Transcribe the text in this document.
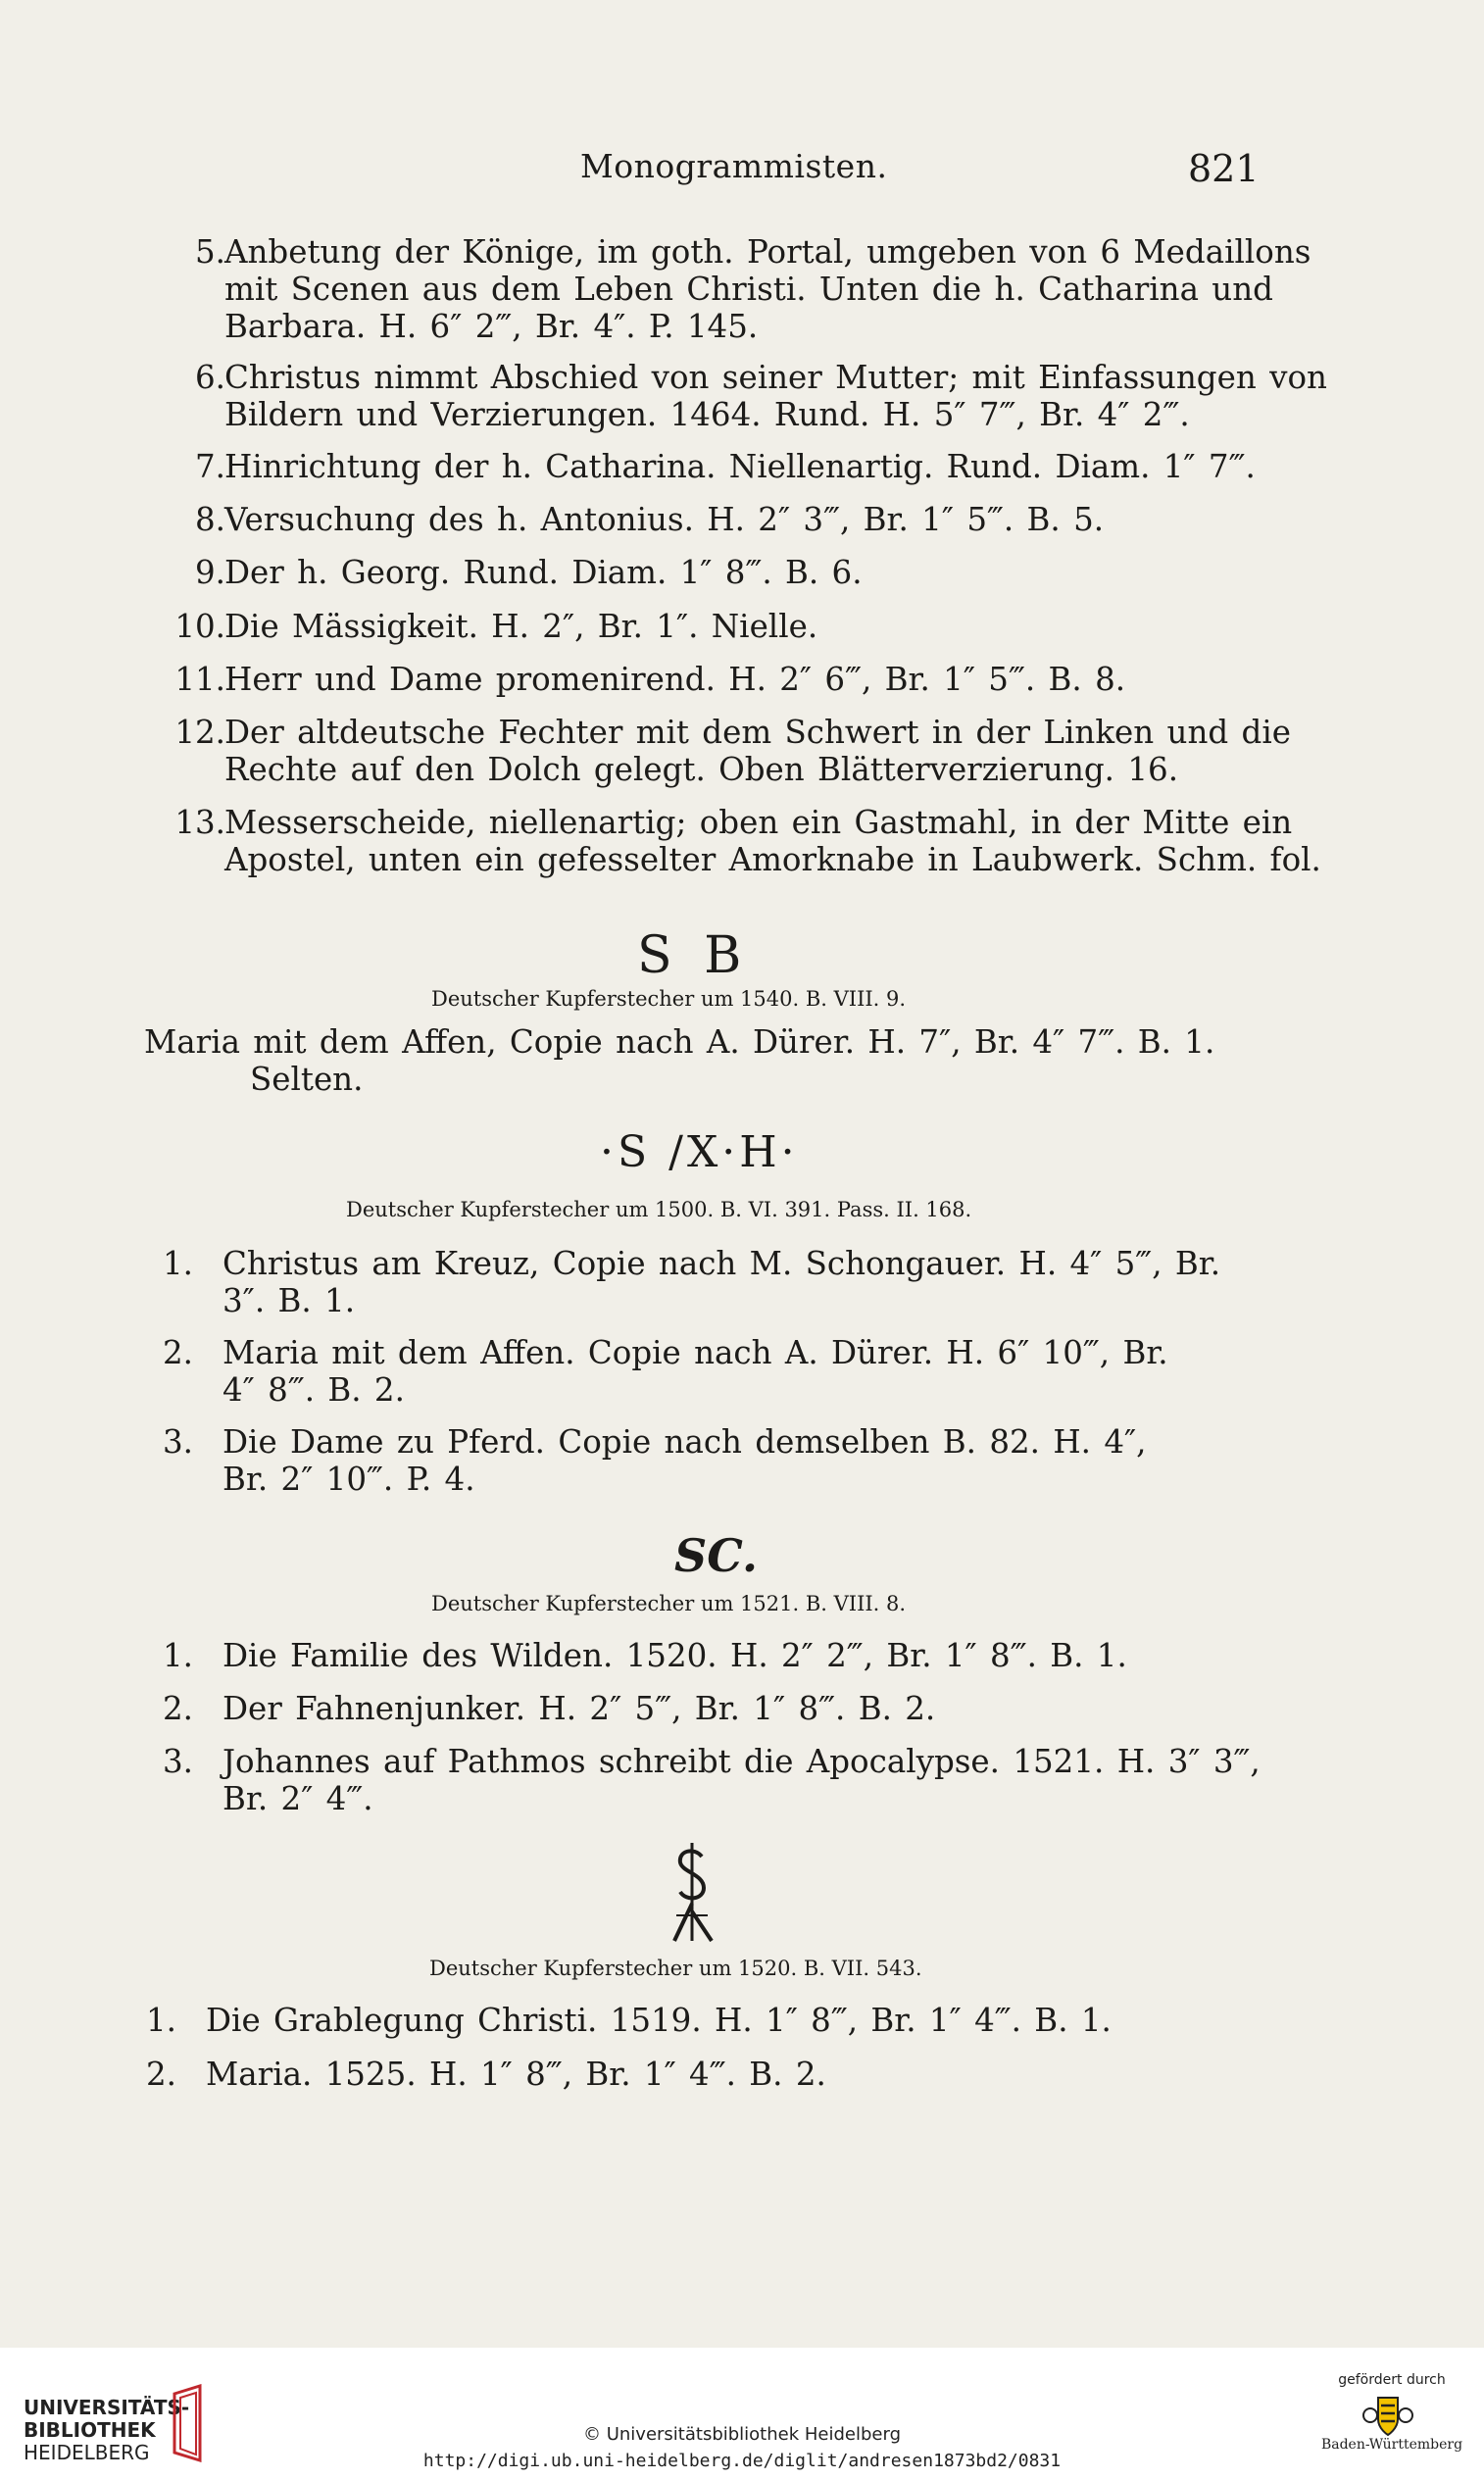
Monogrammisten.	821
5. Anbetung der Könige, im goth. Portal, umgeben von 6 Medaillons
mit Scenen aus dem Leben Christi. Unten die h. Catharina und
Barbara. H. 6″ 2‴, Br. 4″. P. 145.
6. Christus nimmt Abschied von seiner Mutter; mit Einfassungen von
Bildern und Verzierungen. 1464. Rund. H. 5″ 7‴, Br. 4″ 2‴.
7. Hinrichtung der h. Catharina. Niellenartig. Rund. Diam. 1″ 7‴.
8. Versuchung des h. Antonius. H. 2″ 3‴, Br. 1″ 5‴. B. 5.
9. Der h. Georg. Rund. Diam. 1″ 8‴. B. 6.
10. Die Mässigkeit. H. 2″, Br. 1″. Nielle.
11. Herr und Dame promenirend. H. 2″ 6‴, Br. 1″ 5‴. B. 8.
12. Der altdeutsche Fechter mit dem Schwert in der Linken und die
Rechte auf den Dolch gelegt. Oben Blätterverzierung. 16.
13. Messerscheide, niellenartig; oben ein Gastmahl, in der Mitte ein
Apostel, unten ein gefesselter Amorknabe in Laubwerk. Schm. fol.
S B
Deutscher Kupferstecher um 1540. B. VIII. 9.
Maria mit dem Affen, Copie nach A. Dürer. H. 7″, Br. 4″ 7‴. B. 1.
Selten.
·S /X·H·
Deutscher Kupferstecher um 1500. B. VI. 391. Pass. II. 168.
1. Christus am Kreuz, Copie nach M. Schongauer. H. 4″ 5‴, Br.
3″. B. 1.
2. Maria mit dem Affen. Copie nach A. Dürer. H. 6″ 10‴, Br.
4″ 8‴. B. 2.
3. Die Dame zu Pferd. Copie nach demselben B. 82. H. 4″,
Br. 2″ 10‴. P. 4.
SC.
Deutscher Kupferstecher um 1521. B. VIII. 8.
1. Die Familie des Wilden. 1520. H. 2″ 2‴, Br. 1″ 8‴. B. 1.
2. Der Fahnenjunker. H. 2″ 5‴, Br. 1″ 8‴. B. 2.
3. Johannes auf Pathmos schreibt die Apocalypse. 1521. H. 3″ 3‴,
Br. 2″ 4‴.
Deutscher Kupferstecher um 1520. B. VII. 543.
1. Die Grablegung Christi. 1519. H. 1″ 8‴, Br. 1″ 4‴. B. 1.
2. Maria. 1525. H. 1″ 8‴, Br. 1″ 4‴. B. 2.
UNIVERSITÄTS-
BIBLIOTHEK
HEIDELBERG
© Universitätsbibliothek Heidelberg
http://digi.ub.uni-heidelberg.de/diglit/andresen1873bd2/0831
gefördert durch
Baden-Württemberg
